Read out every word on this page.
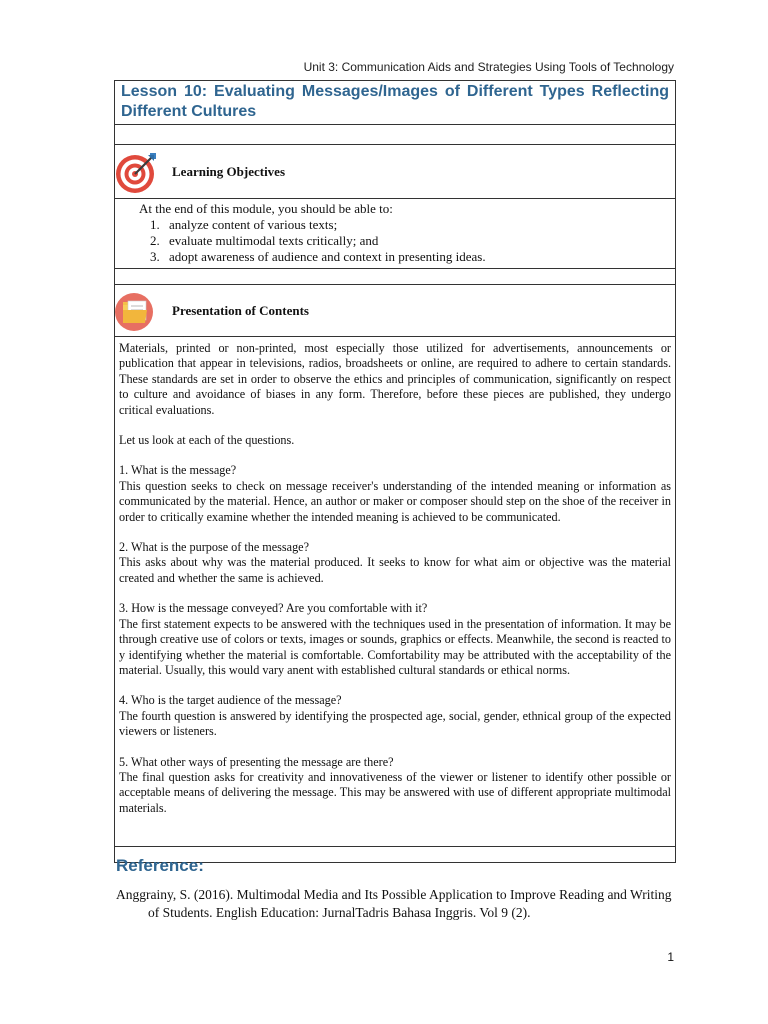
Unit 3: Communication Aids and Strategies Using Tools of Technology
Lesson 10: Evaluating Messages/Images of Different Types Reflecting Different Cultures
Learning Objectives
At the end of this module, you should be able to:
1. analyze content of various texts;
2. evaluate multimodal texts critically; and
3. adopt awareness of audience and context in presenting ideas.
Presentation of Contents

Materials, printed or non-printed, most especially those utilized for advertisements, announcements or publication that appear in televisions, radios, broadsheets or online, are required to adhere to certain standards. These standards are set in order to observe the ethics and principles of communication, significantly on respect to culture and avoidance of biases in any form. Therefore, before these pieces are published, they undergo critical evaluations.

Let us look at each of the questions.

1. What is the message?
This question seeks to check on message receiver's understanding of the intended meaning or information as communicated by the material. Hence, an author or maker or composer should step on the shoe of the receiver in order to critically examine whether the intended meaning is achieved to be communicated.
2. What is the purpose of the message?
This asks about why was the material produced. It seeks to know for what aim or objective was the material created and whether the same is achieved.
3. How is the message conveyed? Are you comfortable with it?
The first statement expects to be answered with the techniques used in the presentation of information. It may be through creative use of colors or texts, images or sounds, graphics or effects. Meanwhile, the second is reacted to y identifying whether the material is comfortable. Comfortability may be attributed with the acceptability of the material. Usually, this would vary anent with established cultural standards or ethical norms.
4. Who is the target audience of the message?
The fourth question is answered by identifying the prospected age, social, gender, ethnical group of the expected viewers or listeners.
5. What other ways of presenting the message are there?
The final question asks for creativity and innovativeness of the viewer or listener to identify other possible or acceptable means of delivering the message. This may be answered with use of different appropriate multimodal materials.
Reference:
Anggrainy, S. (2016). Multimodal Media and Its Possible Application to Improve Reading and Writing of Students. English Education: JurnalTadris Bahasa Inggris. Vol 9 (2).
1
